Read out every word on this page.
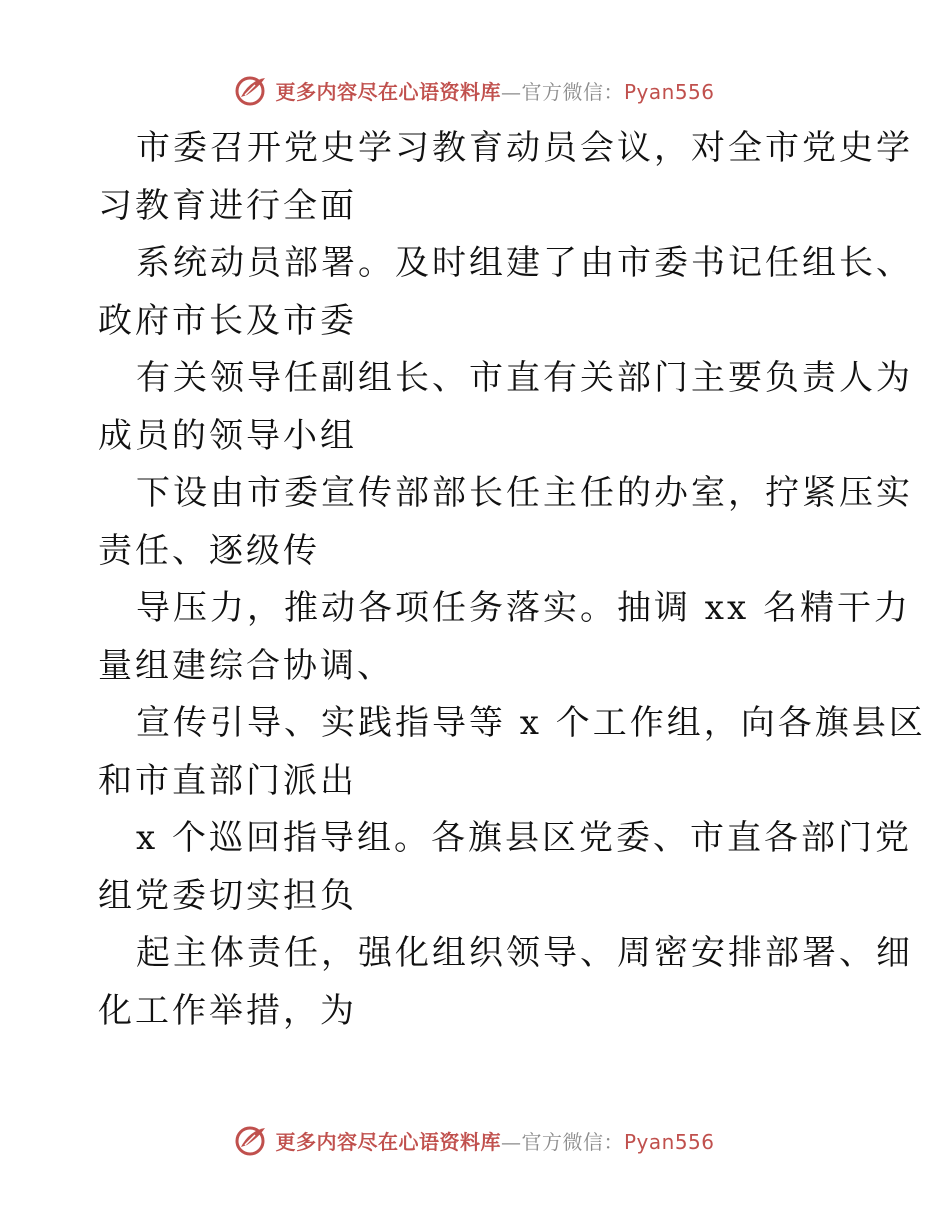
更多内容尽在心语资料库—官方微信：Pyan556
市委召开党史学习教育动员会议，对全市党史学
习教育进行全面
系统动员部署。及时组建了由市委书记任组长、
政府市长及市委
有关领导任副组长、市直有关部门主要负责人为
成员的领导小组
下设由市委宣传部部长任主任的办室，拧紧压实
责任、逐级传
导压力，推动各项任务落实。抽调 xx 名精干力
量组建综合协调、
宣传引导、实践指导等 x 个工作组，向各旗县区
和市直部门派出
x 个巡回指导组。各旗县区党委、市直各部门党
组党委切实担负
起主体责任，强化组织领导、周密安排部署、细
化工作举措，为
更多内容尽在心语资料库—官方微信：Pyan556
